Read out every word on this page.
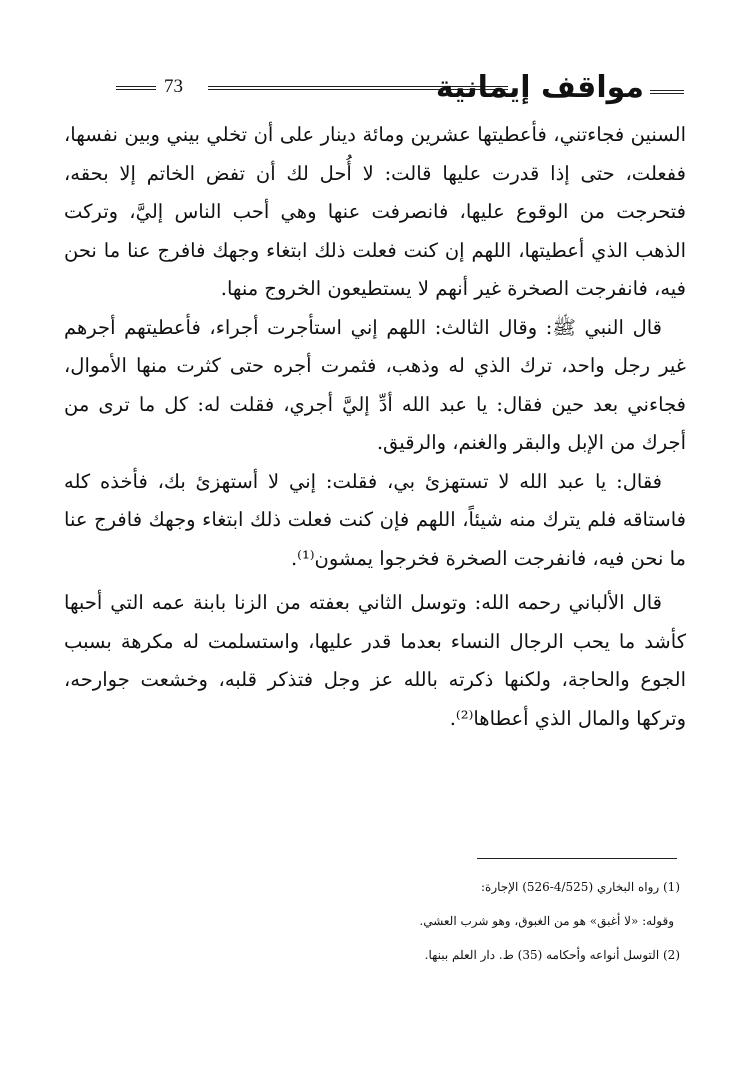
73	مواقف إيمانية

السنين فجاءتني، فأعطيتها عشرين ومائة دينار على أن تخلي بيني وبين نفسها، ففعلت، حتى إذا قدرت عليها قالت: لا أُحل لك أن تفض الخاتم إلا بحقه، فتحرجت من الوقوع عليها، فانصرفت عنها وهي أحب الناس إليَّ، وتركت الذهب الذي أعطيتها، اللهم إن كنت فعلت ذلك ابتغاء وجهك فافرج عنا ما نحن فيه، فانفرجت الصخرة غير أنهم لا يستطيعون الخروج منها.

قال النبي ﷺ: وقال الثالث: اللهم إني استأجرت أجراء، فأعطيتهم أجرهم غير رجل واحد، ترك الذي له وذهب، فثمرت أجره حتى كثرت منها الأموال، فجاءني بعد حين فقال: يا عبد الله أدِّ إليَّ أجري، فقلت له: كل ما ترى من أجرك من الإبل والبقر والغنم، والرقيق.

فقال: يا عبد الله لا تستهزئ بي، فقلت: إني لا أستهزئ بك، فأخذه كله فاستاقه فلم يترك منه شيئاً، اللهم فإن كنت فعلت ذلك ابتغاء وجهك فافرج عنا ما نحن فيه، فانفرجت الصخرة فخرجوا يمشون⁽¹⁾.

قال الألباني رحمه الله: وتوسل الثاني بعفته من الزنا بابنة عمه التي أحبها كأشد ما يحب الرجال النساء بعدما قدر عليها، واستسلمت له مكرهة بسبب الجوع والحاجة، ولكنها ذكرته بالله عز وجل فتذكر قلبه، وخشعت جوارحه، وتركها والمال الذي أعطاها⁽²⁾.

(1) رواه البخاري (4/525-526) الإجارة:

وقوله: «لا أغبق» هو من الغبوق، وهو شرب العشي.

(2) التوسل أنواعه وأحكامه (35) ط. دار العلم ببنها.
